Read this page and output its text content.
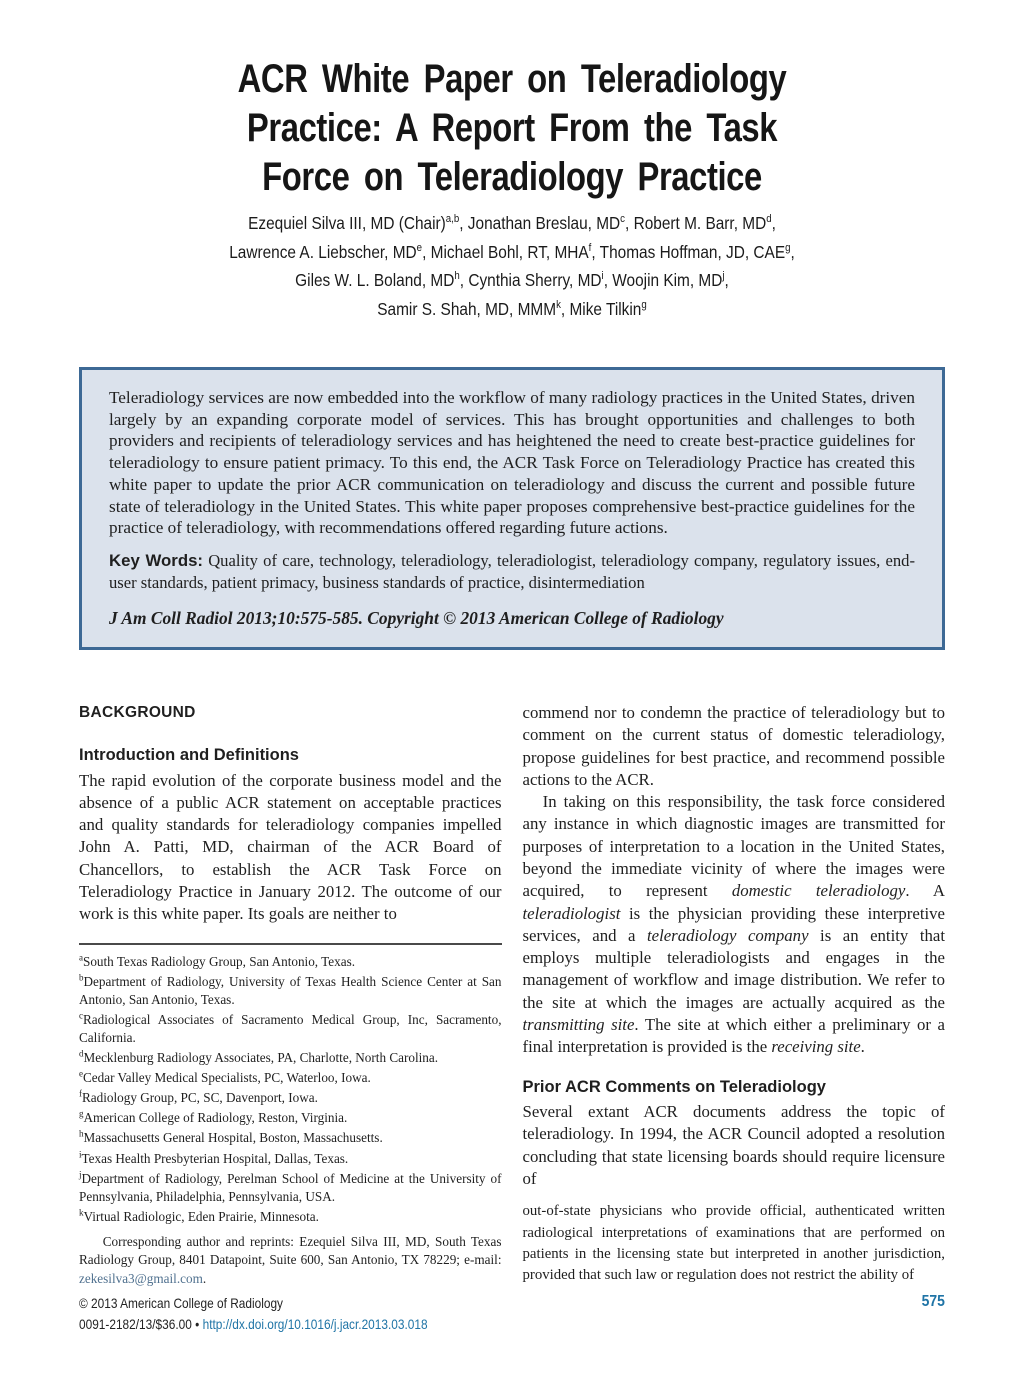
ACR White Paper on Teleradiology
Practice: A Report From the Task
Force on Teleradiology Practice
Ezequiel Silva III, MD (Chair)$^{a,b}$, Jonathan Breslau, $MD^c$, Robert M. Barr, $MD^d$,
Lawrence A. Liebscher, MDe, Michael Bohl, RT, MHA$^f$, Thomas Hoffman, JD, CAE$^g$,
Giles W. L. Boland, $MD^h$, Cynthia Sherry, $MD^i$, Woojin Kim, $MD^j$,
Samir S. Shah, MD, MMM$^k$, Mike Tilkin$^g$

Teleradiology services are now embedded into the workflow of many radiology practices in the United States, driven largely by an expanding corporate model of services. This has brought opportunities and challenges to both providers and recipients of teleradiology services and has heightened the need to create best-practice guidelines for teleradiology to ensure patient primacy. To this end, the ACR Task Force on Teleradiology Practice has created this white paper to update the prior ACR communication on teleradiology and discuss the current and possible future state of teleradiology in the United States. This white paper proposes comprehensive best-practice guidelines for the practice of teleradiology, with recommendations offered regarding future actions.

Key Words: Quality of care, technology, teleradiology, teleradiologist, teleradiology company, regulatory issues, end-user standards, patient primacy, business standards of practice, disintermediation

J Am Coll Radiol 2013;10:575-585. Copyright © 2013 American College of Radiology

BACKGROUND
Introduction and Definitions

The rapid evolution of the corporate business model and the absence of a public ACR statement on acceptable practices and quality standards for teleradiology companies impelled John A. Patti, MD, chairman of the ACR Board of Chancellors, to establish the ACR Task Force on Teleradiology Practice in January 2012. The outcome of our work is this white paper. Its goals are neither to

$^a$South Texas Radiology Group, San Antonio, Texas.

$^b$Department of Radiology, University of Texas Health Science Center at San Antonio, San Antonio, Texas.

$^c$Radiological Associates of Sacramento Medical Group, Inc, Sacramento, California.

$^d$Mecklenburg Radiology Associates, PA, Charlotte, North Carolina.

$^e$Cedar Valley Medical Specialists, PC, Waterloo, Iowa.

$^f$Radiology Group, PC, SC, Davenport, Iowa.

$^g$American College of Radiology, Reston, Virginia.

$^h$Massachusetts General Hospital, Boston, Massachusetts.

$^i$Texas Health Presbyterian Hospital, Dallas, Texas.

$^j$Department of Radiology, Perelman School of Medicine at the University of Pennsylvania, Philadelphia, Pennsylvania, USA.

$^k$Virtual Radiologic, Eden Prairie, Minnesota.

Corresponding author and reprints: Ezequiel Silva III, MD, South Texas Radiology Group, 8401 Datapoint, Suite 600, San Antonio, TX 78229; e-mail: zekesilva3@gmail.com.

commend nor to condemn the practice of teleradiology but to comment on the current status of domestic teleradiology, propose guidelines for best practice, and recommend possible actions to the ACR.

In taking on this responsibility, the task force considered any instance in which diagnostic images are transmitted for purposes of interpretation to a location in the United States, beyond the immediate vicinity of where the images were acquired, to represent domestic teleradiology. A teleradiologist is the physician providing these interpretive services, and a teleradiology company is an entity that employs multiple teleradiologists and engages in the management of workflow and image distribution. We refer to the site at which the images are actually acquired as the transmitting site. The site at which either a preliminary or a final interpretation is provided is the receiving site.

Prior ACR Comments on Teleradiology

Several extant ACR documents address the topic of teleradiology. In 1994, the ACR Council adopted a resolution concluding that state licensing boards should require licensure of

out-of-state physicians who provide official, authenticated written radiological interpretations of examinations that are performed on patients in the licensing state but interpreted in another jurisdiction, provided that such law or regulation does not restrict the ability of

© 2013 American College of Radiology
0091-2182/13/$36.00 • http://dx.doi.org/10.1016/j.jacr.2013.03.018
575
